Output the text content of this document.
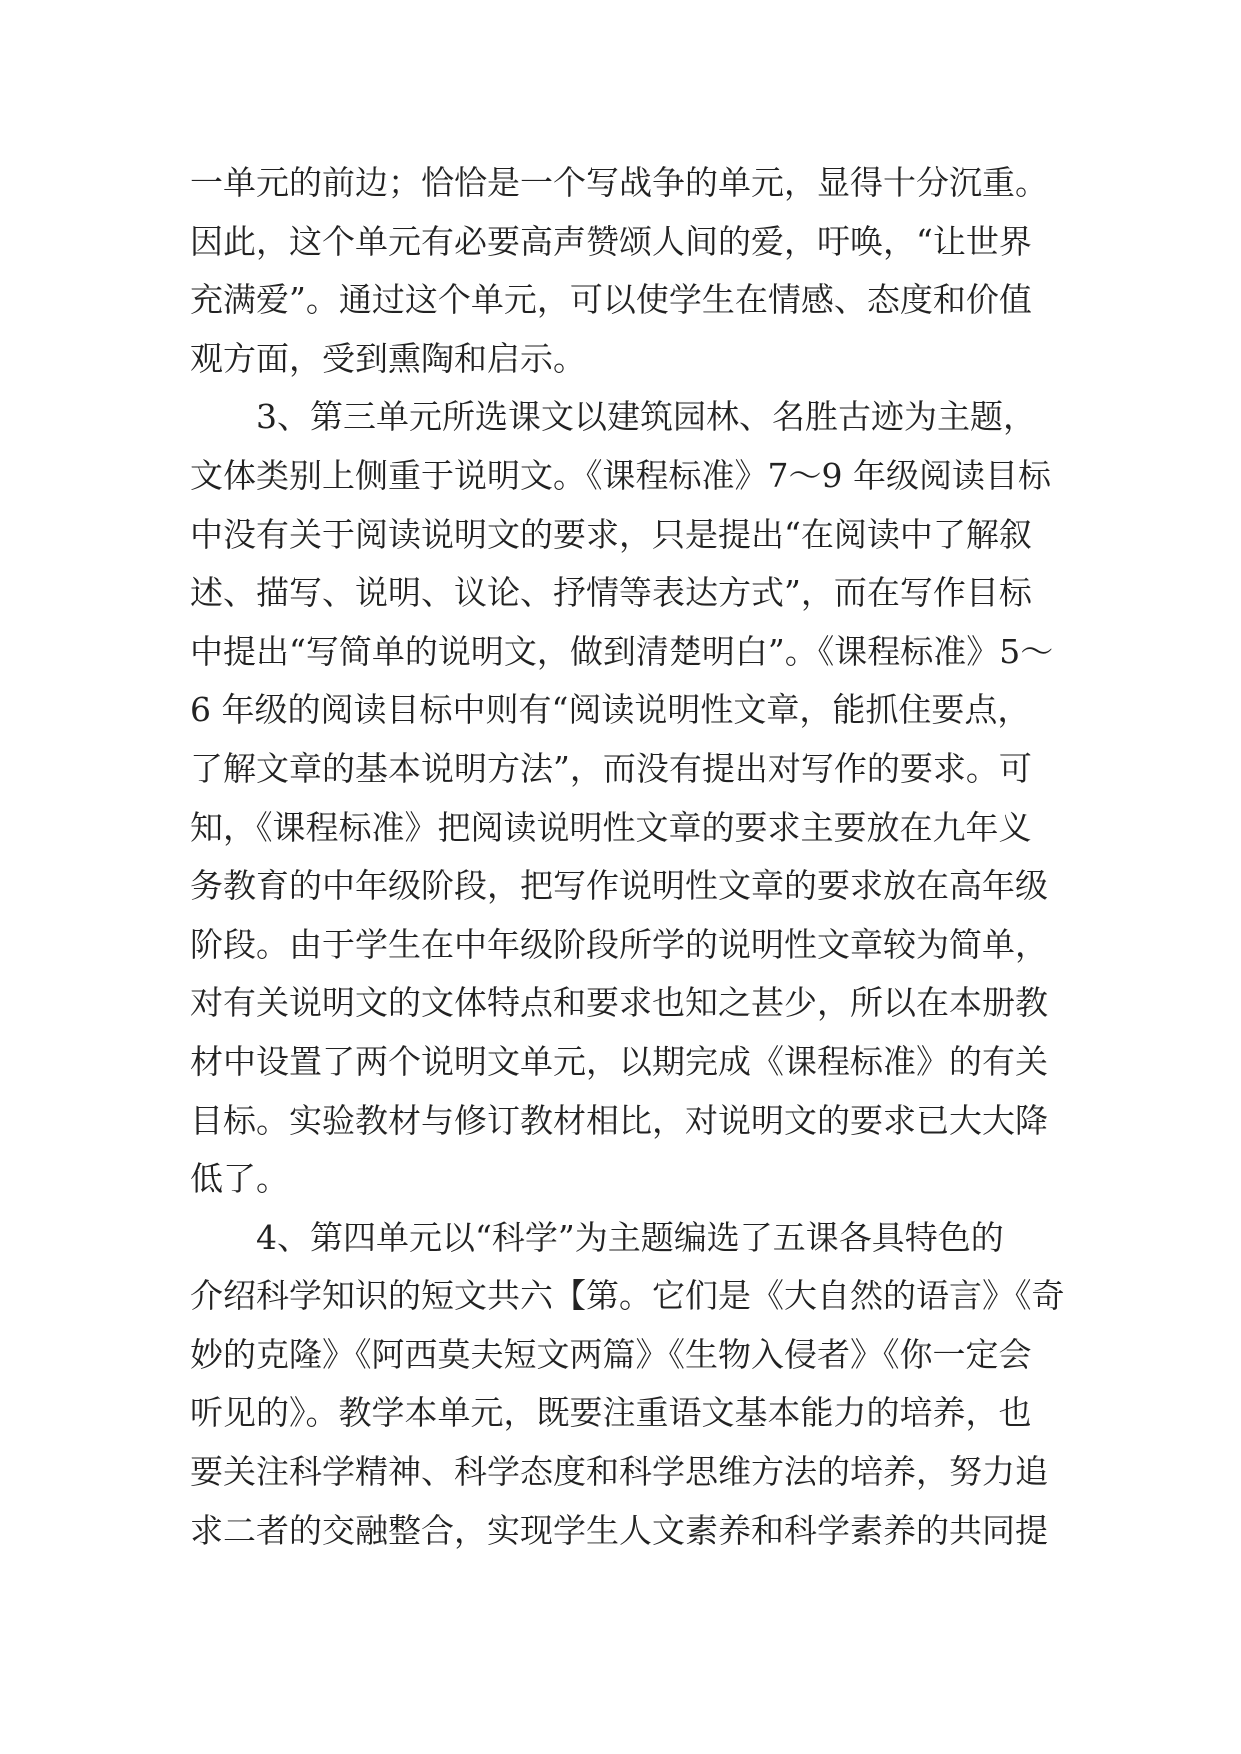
一单元的前边；恰恰是一个写战争的单元，显得十分沉重。

因此，这个单元有必要高声赞颂人间的爱，吁唤，“让世界

充满爱”。通过这个单元，可以使学生在情感、态度和价值

观方面，受到熏陶和启示。

3、第三单元所选课文以建筑园林、名胜古迹为主题，

文体类别上侧重于说明文。《课程标准》7～9 年级阅读目标

中没有关于阅读说明文的要求，只是提出“在阅读中了解叙

述、描写、说明、议论、抒情等表达方式”，而在写作目标

中提出“写简单的说明文，做到清楚明白”。《课程标准》5～

6 年级的阅读目标中则有“阅读说明性文章，能抓住要点，

了解文章的基本说明方法”，而没有提出对写作的要求。可

知，《课程标准》把阅读说明性文章的要求主要放在九年义

务教育的中年级阶段，把写作说明性文章的要求放在高年级

阶段。由于学生在中年级阶段所学的说明性文章较为简单，

对有关说明文的文体特点和要求也知之甚少，所以在本册教

材中设置了两个说明文单元，以期完成《课程标准》的有关

目标。实验教材与修订教材相比，对说明文的要求已大大降

低了。

4、第四单元以“科学”为主题编选了五课各具特色的

介绍科学知识的短文共六【第。它们是《大自然的语言》《奇

妙的克隆》《阿西莫夫短文两篇》《生物入侵者》《你一定会

听见的》。教学本单元，既要注重语文基本能力的培养，也

要关注科学精神、科学态度和科学思维方法的培养，努力追

求二者的交融整合，实现学生人文素养和科学素养的共同提
